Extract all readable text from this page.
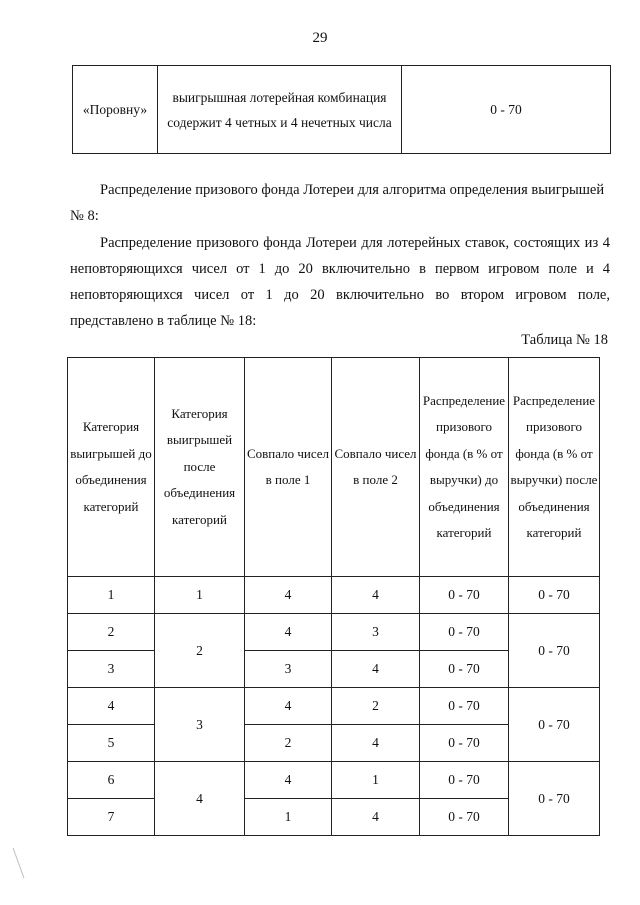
29
«Поровну»	выигрышная лотерейная комбинация содержит 4 четных и 4 нечетных числа	0 - 70
Распределение призового фонда Лотереи для алгоритма определения выигрышей № 8:
Распределение призового фонда Лотереи для лотерейных ставок, состоящих из 4 неповторяющихся чисел от 1 до 20 включительно в первом игровом поле и 4 неповторяющихся чисел от 1 до 20 включительно во втором игровом поле, представлено в таблице № 18:
Таблица № 18
Категория выигрышей до объединения категорий	Категория выигрышей после объединения категорий	Совпало чисел в поле 1	Совпало чисел в поле 2	Распределение призового фонда (в % от выручки) до объединения категорий	Распределение призового фонда (в % от выручки) после объединения категорий
1	1	4	4	0 - 70	0 - 70
2	2	4	3	0 - 70	0 - 70
3		3	4	0 - 70	
4	3	4	2	0 - 70	0 - 70
5		2	4	0 - 70	
6	4	4	1	0 - 70	0 - 70
7		1	4	0 - 70	
